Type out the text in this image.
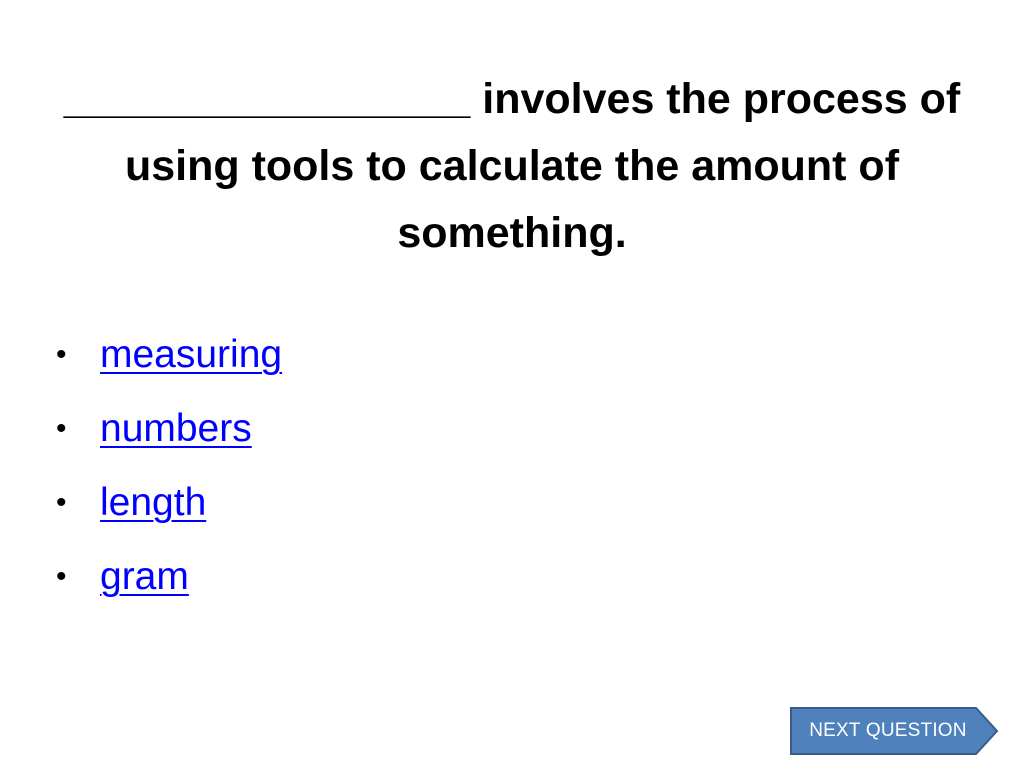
_________________ involves the process of using tools to calculate the amount of something.
• measuring
• numbers
• length
• gram
NEXT QUESTION
